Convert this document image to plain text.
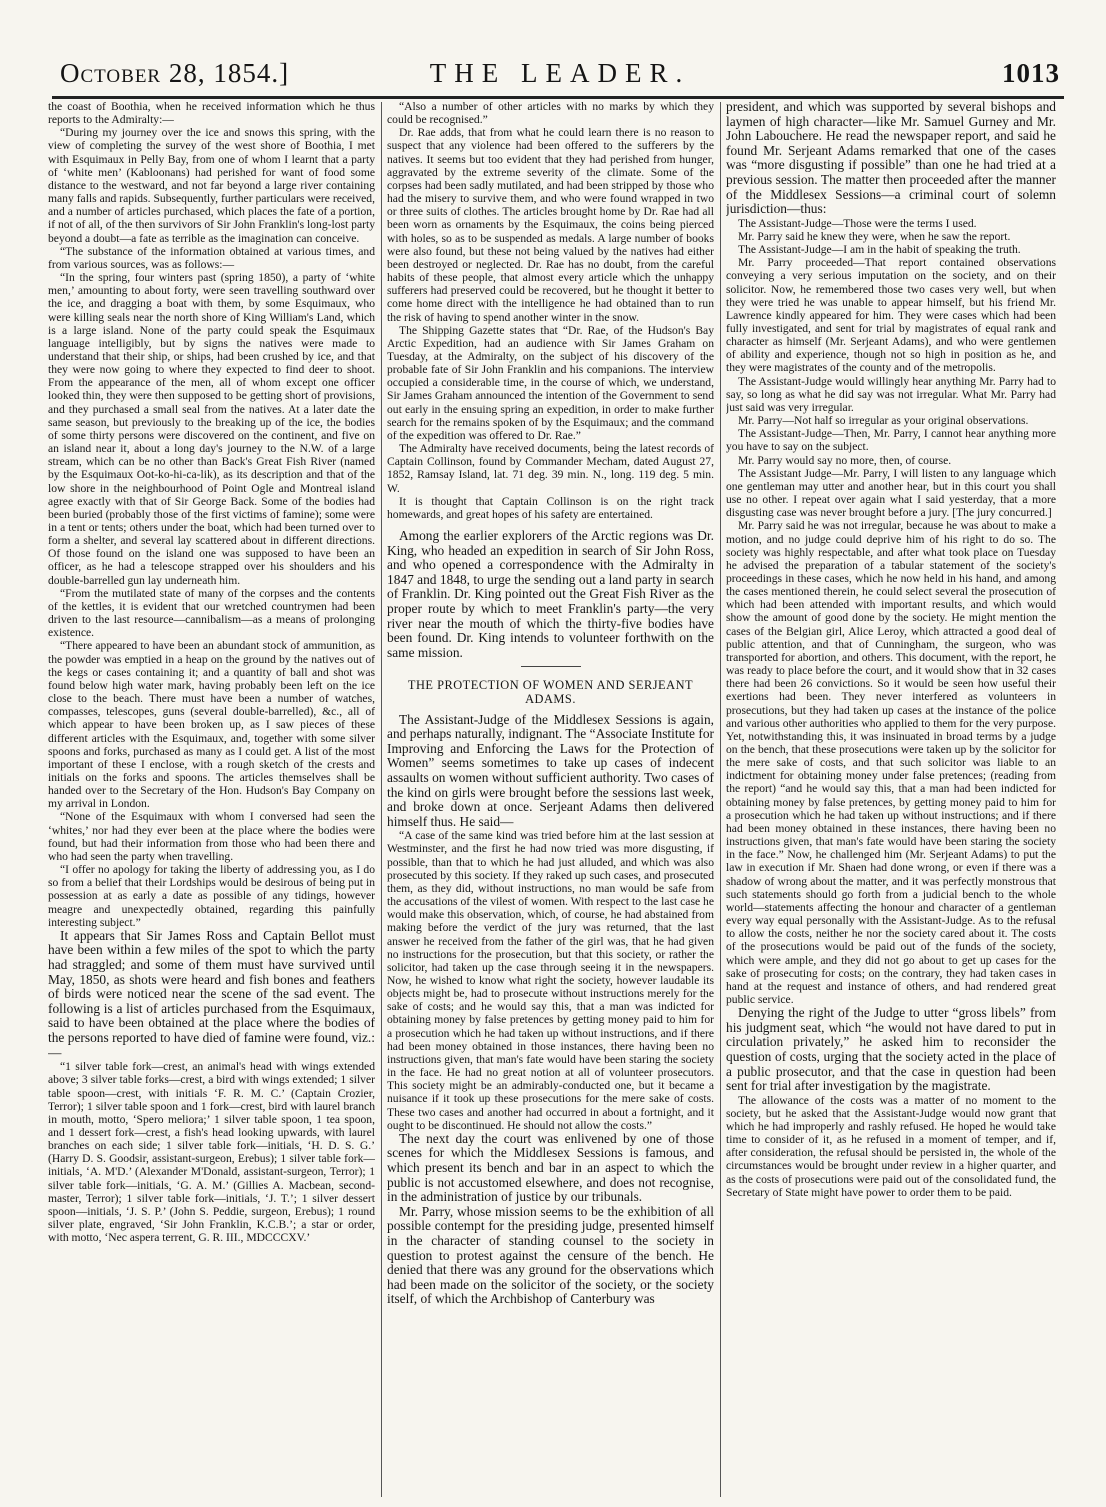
October 28, 1854.]	THE LEADER.	1013

the coast of Boothia, when he received information which he thus reports to the Admiralty:—

“During my journey over the ice and snows this spring, with the view of completing the survey of the west shore of Boothia, I met with Esquimaux in Pelly Bay, from one of whom I learnt that a party of ‘white men’ (Kabloonans) had perished for want of food some distance to the westward, and not far beyond a large river containing many falls and rapids. Subsequently, further particulars were received, and a number of articles purchased, which places the fate of a portion, if not of all, of the then survivors of Sir John Franklin's long-lost party beyond a doubt—a fate as terrible as the imagination can conceive.

“The substance of the information obtained at various times, and from various sources, was as follows:—

“In the spring, four winters past (spring 1850), a party of ‘white men,’ amounting to about forty, were seen travelling southward over the ice, and dragging a boat with them, by some Esquimaux, who were killing seals near the north shore of King William's Land, which is a large island. None of the party could speak the Esquimaux language intelligibly, but by signs the natives were made to understand that their ship, or ships, had been crushed by ice, and that they were now going to where they expected to find deer to shoot. From the appearance of the men, all of whom except one officer looked thin, they were then supposed to be getting short of provisions, and they purchased a small seal from the natives. At a later date the same season, but previously to the breaking up of the ice, the bodies of some thirty persons were discovered on the continent, and five on an island near it, about a long day's journey to the N.W. of a large stream, which can be no other than Back's Great Fish River (named by the Esquimaux Oot-ko-hi-ca-lik), as its description and that of the low shore in the neighbourhood of Point Ogle and Montreal island agree exactly with that of Sir George Back. Some of the bodies had been buried (probably those of the first victims of famine); some were in a tent or tents; others under the boat, which had been turned over to form a shelter, and several lay scattered about in different directions. Of those found on the island one was supposed to have been an officer, as he had a telescope strapped over his shoulders and his double-barrelled gun lay underneath him.

“From the mutilated state of many of the corpses and the contents of the kettles, it is evident that our wretched countrymen had been driven to the last resource—cannibalism—as a means of prolonging existence.

“There appeared to have been an abundant stock of ammunition, as the powder was emptied in a heap on the ground by the natives out of the kegs or cases containing it; and a quantity of ball and shot was found below high water mark, having probably been left on the ice close to the beach. There must have been a number of watches, compasses, telescopes, guns (several double-barrelled), &c., all of which appear to have been broken up, as I saw pieces of these different articles with the Esquimaux, and, together with some silver spoons and forks, purchased as many as I could get. A list of the most important of these I enclose, with a rough sketch of the crests and initials on the forks and spoons. The articles themselves shall be handed over to the Secretary of the Hon. Hudson's Bay Company on my arrival in London.

“None of the Esquimaux with whom I conversed had seen the ‘whites,’ nor had they ever been at the place where the bodies were found, but had their information from those who had been there and who had seen the party when travelling.

“I offer no apology for taking the liberty of addressing you, as I do so from a belief that their Lordships would be desirous of being put in possession at as early a date as possible of any tidings, however meagre and unexpectedly obtained, regarding this painfully interesting subject.”

It appears that Sir James Ross and Captain Bellot must have been within a few miles of the spot to which the party had straggled; and some of them must have survived until May, 1850, as shots were heard and fish bones and feathers of birds were noticed near the scene of the sad event. The following is a list of articles purchased from the Esquimaux, said to have been obtained at the place where the bodies of the persons reported to have died of famine were found, viz.:—

“1 silver table fork—crest, an animal's head with wings extended above; 3 silver table forks—crest, a bird with wings extended; 1 silver table spoon—crest, with initials ‘F. R. M. C.’ (Captain Crozier, Terror); 1 silver table spoon and 1 fork—crest, bird with laurel branch in mouth, motto, ‘Spero meliora;’ 1 silver table spoon, 1 tea spoon, and 1 dessert fork—crest, a fish's head looking upwards, with laurel branches on each side; 1 silver table fork—initials, ‘H. D. S. G.’ (Harry D. S. Goodsir, assistant-surgeon, Erebus); 1 silver table fork—initials, ‘A. M'D.’ (Alexander M'Donald, assistant-surgeon, Terror); 1 silver table fork—initials, ‘G. A. M.’ (Gillies A. Macbean, second-master, Terror); 1 silver table fork—initials, ‘J. T.’; 1 silver dessert spoon—initials, ‘J. S. P.’ (John S. Peddie, surgeon, Erebus); 1 round silver plate, engraved, ‘Sir John Franklin, K.C.B.’; a star or order, with motto, ‘Nec aspera terrent, G. R. III., MDCCCXV.’

“Also a number of other articles with no marks by which they could be recognised.”

Dr. Rae adds, that from what he could learn there is no reason to suspect that any violence had been offered to the sufferers by the natives. It seems but too evident that they had perished from hunger, aggravated by the extreme severity of the climate. Some of the corpses had been sadly mutilated, and had been stripped by those who had the misery to survive them, and who were found wrapped in two or three suits of clothes. The articles brought home by Dr. Rae had all been worn as ornaments by the Esquimaux, the coins being pierced with holes, so as to be suspended as medals. A large number of books were also found, but these not being valued by the natives had either been destroyed or neglected. Dr. Rae has no doubt, from the careful habits of these people, that almost every article which the unhappy sufferers had preserved could be recovered, but he thought it better to come home direct with the intelligence he had obtained than to run the risk of having to spend another winter in the snow.

The Shipping Gazette states that “Dr. Rae, of the Hudson's Bay Arctic Expedition, had an audience with Sir James Graham on Tuesday, at the Admiralty, on the subject of his discovery of the probable fate of Sir John Franklin and his companions. The interview occupied a considerable time, in the course of which, we understand, Sir James Graham announced the intention of the Government to send out early in the ensuing spring an expedition, in order to make further search for the remains spoken of by the Esquimaux; and the command of the expedition was offered to Dr. Rae.”

The Admiralty have received documents, being the latest records of Captain Collinson, found by Commander Mecham, dated August 27, 1852, Ramsay Island, lat. 71 deg. 39 min. N., long. 119 deg. 5 min. W.

It is thought that Captain Collinson is on the right track homewards, and great hopes of his safety are entertained.

Among the earlier explorers of the Arctic regions was Dr. King, who headed an expedition in search of Sir John Ross, and who opened a correspondence with the Admiralty in 1847 and 1848, to urge the sending out a land party in search of Franklin. Dr. King pointed out the Great Fish River as the proper route by which to meet Franklin's party—the very river near the mouth of which the thirty-five bodies have been found. Dr. King intends to volunteer forthwith on the same mission.

THE PROTECTION OF WOMEN AND SERJEANT ADAMS.

The Assistant-Judge of the Middlesex Sessions is again, and perhaps naturally, indignant. The “Associate Institute for Improving and Enforcing the Laws for the Protection of Women” seems sometimes to take up cases of indecent assaults on women without sufficient authority. Two cases of the kind on girls were brought before the sessions last week, and broke down at once. Serjeant Adams then delivered himself thus. He said—

“A case of the same kind was tried before him at the last session at Westminster, and the first he had now tried was more disgusting, if possible, than that to which he had just alluded, and which was also prosecuted by this society. If they raked up such cases, and prosecuted them, as they did, without instructions, no man would be safe from the accusations of the vilest of women. With respect to the last case he would make this observation, which, of course, he had abstained from making before the verdict of the jury was returned, that the last answer he received from the father of the girl was, that he had given no instructions for the prosecution, but that this society, or rather the solicitor, had taken up the case through seeing it in the newspapers. Now, he wished to know what right the society, however laudable its objects might be, had to prosecute without instructions merely for the sake of costs; and he would say this, that a man was indicted for obtaining money by false pretences by getting money paid to him for a prosecution which he had taken up without instructions, and if there had been money obtained in those instances, there having been no instructions given, that man's fate would have been staring the society in the face. He had no great notion at all of volunteer prosecutors. This society might be an admirably-conducted one, but it became a nuisance if it took up these prosecutions for the mere sake of costs. These two cases and another had occurred in about a fortnight, and it ought to be discontinued. He should not allow the costs.”

The next day the court was enlivened by one of those scenes for which the Middlesex Sessions is famous, and which present its bench and bar in an aspect to which the public is not accustomed elsewhere, and does not recognise, in the administration of justice by our tribunals.

Mr. Parry, whose mission seems to be the exhibition of all possible contempt for the presiding judge, presented himself in the character of standing counsel to the society in question to protest against the censure of the bench. He denied that there was any ground for the observations which had been made on the solicitor of the society, or the society itself, of which the Archbishop of Canterbury was

president, and which was supported by several bishops and laymen of high character—like Mr. Samuel Gurney and Mr. John Labouchere. He read the newspaper report, and said he found Mr. Serjeant Adams remarked that one of the cases was “more disgusting if possible” than one he had tried at a previous session. The matter then proceeded after the manner of the Middlesex Sessions—a criminal court of solemn jurisdiction—thus:

The Assistant-Judge—Those were the terms I used.

Mr. Parry said he knew they were, when he saw the report.

The Assistant-Judge—I am in the habit of speaking the truth.

Mr. Parry proceeded—That report contained observations conveying a very serious imputation on the society, and on their solicitor. Now, he remembered those two cases very well, but when they were tried he was unable to appear himself, but his friend Mr. Lawrence kindly appeared for him. They were cases which had been fully investigated, and sent for trial by magistrates of equal rank and character as himself (Mr. Serjeant Adams), and who were gentlemen of ability and experience, though not so high in position as he, and they were magistrates of the county and of the metropolis.

The Assistant-Judge would willingly hear anything Mr. Parry had to say, so long as what he did say was not irregular. What Mr. Parry had just said was very irregular.

Mr. Parry—Not half so irregular as your original observations.

The Assistant-Judge—Then, Mr. Parry, I cannot hear anything more you have to say on the subject.

Mr. Parry would say no more, then, of course.

The Assistant Judge—Mr. Parry, I will listen to any language which one gentleman may utter and another hear, but in this court you shall use no other. I repeat over again what I said yesterday, that a more disgusting case was never brought before a jury. [The jury concurred.]

Mr. Parry said he was not irregular, because he was about to make a motion, and no judge could deprive him of his right to do so. The society was highly respectable, and after what took place on Tuesday he advised the preparation of a tabular statement of the society's proceedings in these cases, which he now held in his hand, and among the cases mentioned therein, he could select several the prosecution of which had been attended with important results, and which would show the amount of good done by the society. He might mention the cases of the Belgian girl, Alice Leroy, which attracted a good deal of public attention, and that of Cunningham, the surgeon, who was transported for abortion, and others. This document, with the report, he was ready to place before the court, and it would show that in 32 cases there had been 26 convictions. So it would be seen how useful their exertions had been. They never interfered as volunteers in prosecutions, but they had taken up cases at the instance of the police and various other authorities who applied to them for the very purpose. Yet, notwithstanding this, it was insinuated in broad terms by a judge on the bench, that these prosecutions were taken up by the solicitor for the mere sake of costs, and that such solicitor was liable to an indictment for obtaining money under false pretences; (reading from the report) “and he would say this, that a man had been indicted for obtaining money by false pretences, by getting money paid to him for a prosecution which he had taken up without instructions; and if there had been money obtained in these instances, there having been no instructions given, that man's fate would have been staring the society in the face.” Now, he challenged him (Mr. Serjeant Adams) to put the law in execution if Mr. Shaen had done wrong, or even if there was a shadow of wrong about the matter, and it was perfectly monstrous that such statements should go forth from a judicial bench to the whole world—statements affecting the honour and character of a gentleman every way equal personally with the Assistant-Judge. As to the refusal to allow the costs, neither he nor the society cared about it. The costs of the prosecutions would be paid out of the funds of the society, which were ample, and they did not go about to get up cases for the sake of prosecuting for costs; on the contrary, they had taken cases in hand at the request and instance of others, and had rendered great public service.

Denying the right of the Judge to utter “gross libels” from his judgment seat, which “he would not have dared to put in circulation privately,” he asked him to reconsider the question of costs, urging that the society acted in the place of a public prosecutor, and that the case in question had been sent for trial after investigation by the magistrate.

The allowance of the costs was a matter of no moment to the society, but he asked that the Assistant-Judge would now grant that which he had improperly and rashly refused. He hoped he would take time to consider of it, as he refused in a moment of temper, and if, after consideration, the refusal should be persisted in, the whole of the circumstances would be brought under review in a higher quarter, and as the costs of prosecutions were paid out of the consolidated fund, the Secretary of State might have power to order them to be paid.
